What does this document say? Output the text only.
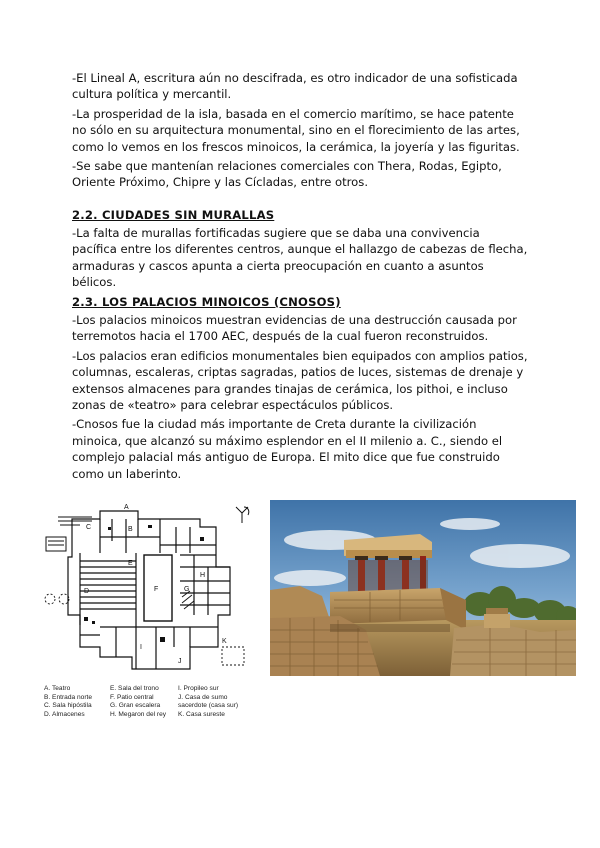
-El Lineal A, escritura aún no descifrada, es otro indicador de una sofisticada cultura política y mercantil.

-La prosperidad de la isla, basada en el comercio marítimo, se hace patente no sólo en su arquitectura monumental, sino en el florecimiento de las artes, como lo vemos en los frescos minoicos, la cerámica, la joyería y las figuritas.

-Se sabe que mantenían relaciones comerciales con Thera, Rodas, Egipto, Oriente Próximo, Chipre y las Cícladas, entre otros.

2.2. CIUDADES SIN MURALLAS

-La falta de murallas fortificadas sugiere que se daba una convivencia pacífica entre los diferentes centros, aunque el hallazgo de cabezas de flecha, armaduras y cascos apunta a cierta preocupación en cuanto a asuntos bélicos.

2.3. LOS PALACIOS MINOICOS (CNOSOS)

-Los palacios minoicos muestran evidencias de una destrucción causada por terremotos hacia el 1700 AEC, después de la cual fueron reconstruidos.

-Los palacios eran edificios monumentales bien equipados con amplios patios, columnas, escaleras, criptas sagradas, patios de luces, sistemas de drenaje y extensos almacenes para grandes tinajas de cerámica, los pithoi, e incluso zonas de «teatro» para celebrar espectáculos públicos.

-Cnosos fue la ciudad más importante de Creta durante la civilización minoica, que alcanzó su máximo esplendor en el II milenio a. C., siendo el complejo palacial más antiguo de Europa. El mito dice que fue construido como un laberinto.

A
B
C
D
E
F	G
H
I
J
K
A. Teatro
B. Entrada norte
C. Sala hipóstila
D. Almacenes
E. Sala del trono
F. Patio central
G. Gran escalera
H. Megaron del rey
I. Propileo sur
J. Casa de sumo
sacerdote (casa sur)
K. Casa sureste
